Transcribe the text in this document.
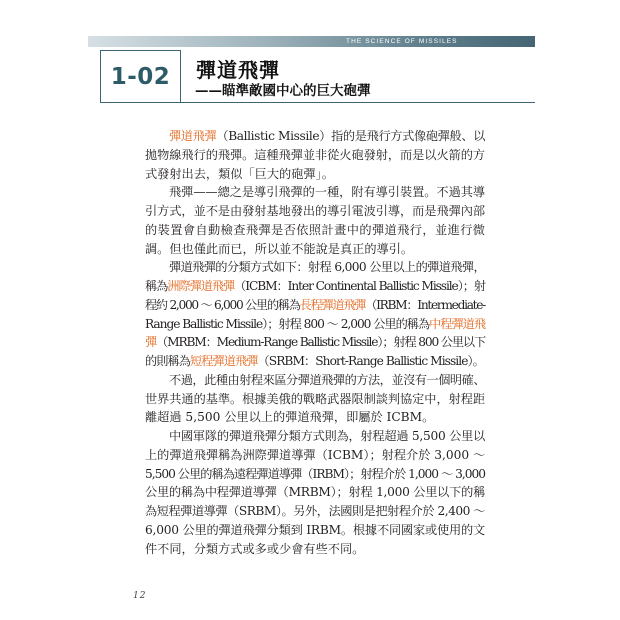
THE SCIENCE OF MISSILES
1-02 彈道飛彈
——瞄準敵國中心的巨大砲彈
彈道飛彈（Ballistic Missile）指的是飛行方式像砲彈般、以
拋物線飛行的飛彈。這種飛彈並非從火砲發射，而是以火箭的方
式發射出去，類似「巨大的砲彈」。
飛彈——總之是導引飛彈的一種，附有導引裝置。不過其導
引方式，並不是由發射基地發出的導引電波引導，而是飛彈內部
的裝置會自動檢查飛彈是否依照計畫中的彈道飛行，並進行微
調。但也僅此而已，所以並不能說是真正的導引。
彈道飛彈的分類方式如下：射程 6,000 公里以上的彈道飛彈，
稱為洲際彈道飛彈（ICBM：Inter Continental Ballistic Missile）；射
程約 2,000 ～ 6,000 公里的稱為長程彈道飛彈（IRBM：Intermediate-
Range Ballistic Missile）；射程 800 ～ 2,000 公里的稱為中程彈道飛
彈（MRBM：Medium-Range Ballistic Missile）；射程 800 公里以下
的則稱為短程彈道飛彈（SRBM：Short-Range Ballistic Missile）。
不過，此種由射程來區分彈道飛彈的方法，並沒有一個明確、
世界共通的基準。根據美俄的戰略武器限制談判協定中，射程距
離超過 5,500 公里以上的彈道飛彈，即屬於 ICBM。
中國軍隊的彈道飛彈分類方式則為，射程超過 5,500 公里以
上的彈道飛彈稱為洲際彈道導彈（ICBM）；射程介於 3,000 ～
5,500 公里的稱為遠程彈道導彈（IRBM）；射程介於 1,000 ～ 3,000
公里的稱為中程彈道導彈（MRBM）；射程 1,000 公里以下的稱
為短程彈道導彈（SRBM）。另外，法國則是把射程介於 2,400 ～
6,000 公里的彈道飛彈分類到 IRBM。根據不同國家或使用的文
件不同，分類方式或多或少會有些不同。
12
